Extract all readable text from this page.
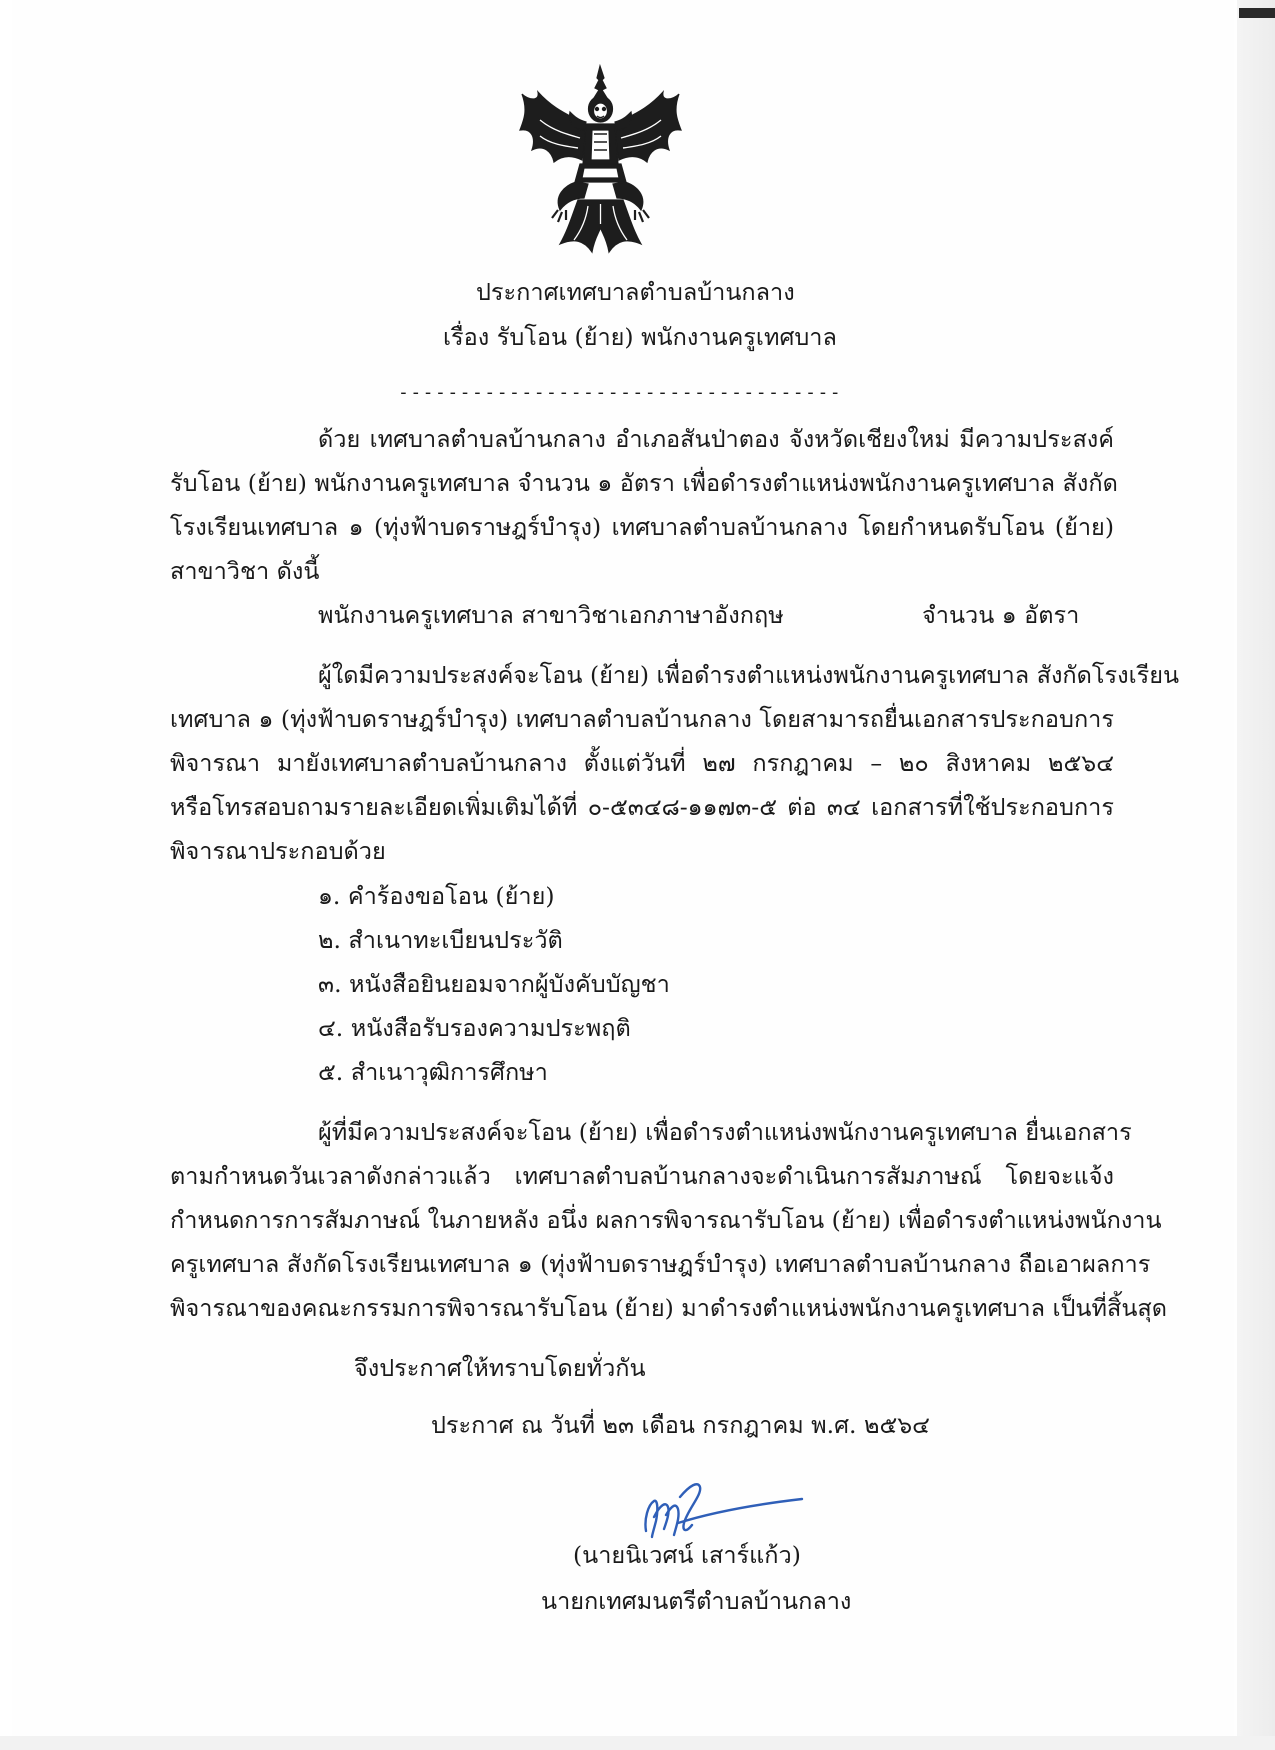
ประกาศเทศบาลตำบลบ้านกลาง

เรื่อง รับโอน (ย้าย) พนักงานครูเทศบาล

------------------------------------

ด้วย เทศบาลตำบลบ้านกลาง อำเภอสันป่าตอง จังหวัดเชียงใหม่ มีความประสงค์

รับโอน (ย้าย) พนักงานครูเทศบาล จำนวน ๑ อัตรา เพื่อดำรงตำแหน่งพนักงานครูเทศบาล สังกัด

โรงเรียนเทศบาล ๑ (ทุ่งฟ้าบดราษฎร์บำรุง) เทศบาลตำบลบ้านกลาง โดยกำหนดรับโอน (ย้าย)

สาขาวิชา ดังนี้

พนักงานครูเทศบาล สาขาวิชาเอกภาษาอังกฤษ	จำนวน ๑ อัตรา

ผู้ใดมีความประสงค์จะโอน (ย้าย) เพื่อดำรงตำแหน่งพนักงานครูเทศบาล สังกัดโรงเรียน

เทศบาล ๑ (ทุ่งฟ้าบดราษฎร์บำรุง) เทศบาลตำบลบ้านกลาง โดยสามารถยื่นเอกสารประกอบการ

พิจารณา มายังเทศบาลตำบลบ้านกลาง ตั้งแต่วันที่ ๒๗ กรกฎาคม – ๒๐ สิงหาคม ๒๕๖๔

หรือโทรสอบถามรายละเอียดเพิ่มเติมได้ที่ ๐-๕๓๔๘-๑๑๗๓-๕ ต่อ ๓๔ เอกสารที่ใช้ประกอบการ

พิจารณาประกอบด้วย

๑. คำร้องขอโอน (ย้าย)
๒. สำเนาทะเบียนประวัติ
๓. หนังสือยินยอมจากผู้บังคับบัญชา
๔. หนังสือรับรองความประพฤติ
๕. สำเนาวุฒิการศึกษา

ผู้ที่มีความประสงค์จะโอน (ย้าย) เพื่อดำรงตำแหน่งพนักงานครูเทศบาล ยื่นเอกสาร

ตามกำหนดวันเวลาดังกล่าวแล้ว เทศบาลตำบลบ้านกลางจะดำเนินการสัมภาษณ์ โดยจะแจ้ง

กำหนดการการสัมภาษณ์ ในภายหลัง อนึ่ง ผลการพิจารณารับโอน (ย้าย) เพื่อดำรงตำแหน่งพนักงาน

ครูเทศบาล สังกัดโรงเรียนเทศบาล ๑ (ทุ่งฟ้าบดราษฎร์บำรุง) เทศบาลตำบลบ้านกลาง ถือเอาผลการ

พิจารณาของคณะกรรมการพิจารณารับโอน (ย้าย) มาดำรงตำแหน่งพนักงานครูเทศบาล เป็นที่สิ้นสุด

จึงประกาศให้ทราบโดยทั่วกัน

ประกาศ ณ วันที่ ๒๓ เดือน กรกฎาคม พ.ศ. ๒๕๖๔

(นายนิเวศน์ เสาร์แก้ว)

นายกเทศมนตรีตำบลบ้านกลาง
